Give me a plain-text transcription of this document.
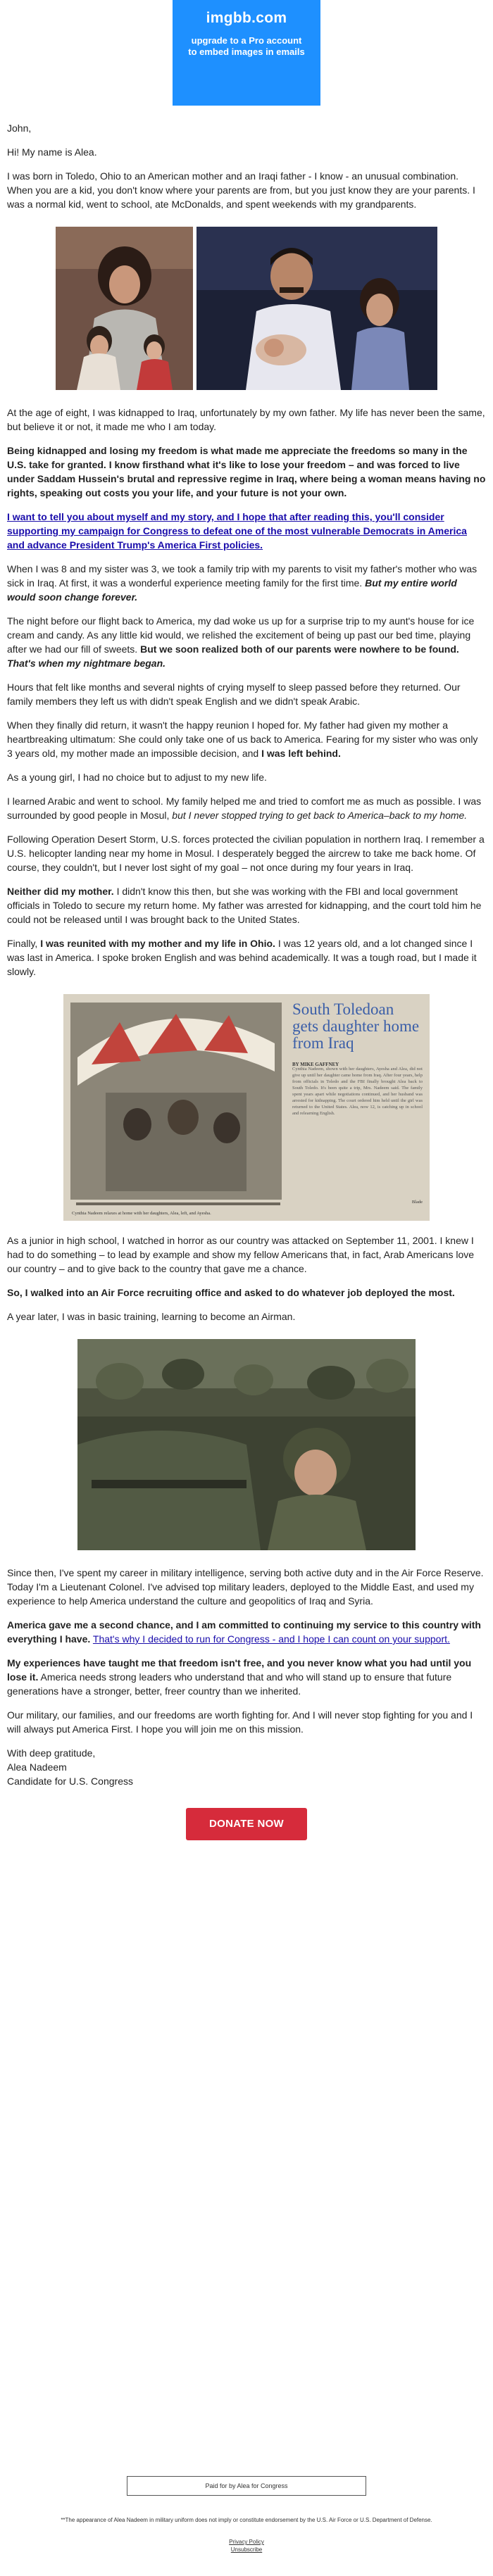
imgbb.com
upgrade to a Pro account to embed images in emails

John,

Hi! My name is Alea.

I was born in Toledo, Ohio to an American mother and an Iraqi father - I know - an unusual combination. When you are a kid, you don't know where your parents are from, but you just know they are your parents. I was a normal kid, went to school, ate McDonalds, and spent weekends with my grandparents.

At the age of eight, I was kidnapped to Iraq, unfortunately by my own father. My life has never been the same, but believe it or not, it made me who I am today.

Being kidnapped and losing my freedom is what made me appreciate the freedoms so many in the U.S. take for granted. I know firsthand what it's like to lose your freedom – and was forced to live under Saddam Hussein's brutal and repressive regime in Iraq, where being a woman means having no rights, speaking out costs you your life, and your future is not your own.

I want to tell you about myself and my story, and I hope that after reading this, you'll consider supporting my campaign for Congress to defeat one of the most vulnerable Democrats in America and advance President Trump's America First policies.

When I was 8 and my sister was 3, we took a family trip with my parents to visit my father's mother who was sick in Iraq. At first, it was a wonderful experience meeting family for the first time. But my entire world would soon change forever.

The night before our flight back to America, my dad woke us up for a surprise trip to my aunt's house for ice cream and candy. As any little kid would, we relished the excitement of being up past our bed time, playing after we had our fill of sweets. But we soon realized both of our parents were nowhere to be found. That's when my nightmare began.

Hours that felt like months and several nights of crying myself to sleep passed before they returned. Our family members they left us with didn't speak English and we didn't speak Arabic.

When they finally did return, it wasn't the happy reunion I hoped for. My father had given my mother a heartbreaking ultimatum: She could only take one of us back to America. Fearing for my sister who was only 3 years old, my mother made an impossible decision, and I was left behind.

As a young girl, I had no choice but to adjust to my new life.

I learned Arabic and went to school. My family helped me and tried to comfort me as much as possible. I was surrounded by good people in Mosul, but I never stopped trying to get back to America–back to my home.

Following Operation Desert Storm, U.S. forces protected the civilian population in northern Iraq. I remember a U.S. helicopter landing near my home in Mosul. I desperately begged the aircrew to take me back home. Of course, they couldn't, but I never lost sight of my goal – not once during my four years in Iraq.

Neither did my mother. I didn't know this then, but she was working with the FBI and local government officials in Toledo to secure my return home. My father was arrested for kidnapping, and the court told him he could not be released until I was brought back to the United States.

Finally, I was reunited with my mother and my life in Ohio. I was 12 years old, and a lot changed since I was last in America. I spoke broken English and was behind academically. It was a tough road, but I made it slowly.

South Toledoan gets daughter home from Iraq
BY MIKE GAFFNEY
Cynthia Nadeem, shown with her daughters, Ayesha and Alea, did not give up until her daughter came home from Iraq. After four years, help from officials in Toledo and the FBI finally brought Alea back to South Toledo. It's been quite a trip, Mrs. Nadeem said. The family spent years apart while negotiations continued, and her husband was arrested for kidnapping. The court ordered him held until the girl was returned to the United States. Alea, now 12, is catching up in school and relearning English.
Cynthia Nadeem relaxes at home with her daughters, Alea, left, and Ayesha.
Blade

As a junior in high school, I watched in horror as our country was attacked on September 11, 2001. I knew I had to do something – to lead by example and show my fellow Americans that, in fact, Arab Americans love our country – and to give back to the country that gave me a chance.

So, I walked into an Air Force recruiting office and asked to do whatever job deployed the most.

A year later, I was in basic training, learning to become an Airman.

Since then, I've spent my career in military intelligence, serving both active duty and in the Air Force Reserve. Today I'm a Lieutenant Colonel. I've advised top military leaders, deployed to the Middle East, and used my experience to help America understand the culture and geopolitics of Iraq and Syria.

America gave me a second chance, and I am committed to continuing my service to this country with everything I have. That's why I decided to run for Congress - and I hope I can count on your support.

My experiences have taught me that freedom isn't free, and you never know what you had until you lose it. America needs strong leaders who understand that and who will stand up to ensure that future generations have a stronger, better, freer country than we inherited.

Our military, our families, and our freedoms are worth fighting for. And I will never stop fighting for you and I will always put America First. I hope you will join me on this mission.

With deep gratitude,
Alea Nadeem
Candidate for U.S. Congress
DONATE NOW
Paid for by Alea for Congress
**The appearance of Alea Nadeem in military uniform does not imply or constitute endorsement by the U.S. Air Force or U.S. Department of Defense.
Privacy Policy
Unsubscribe
